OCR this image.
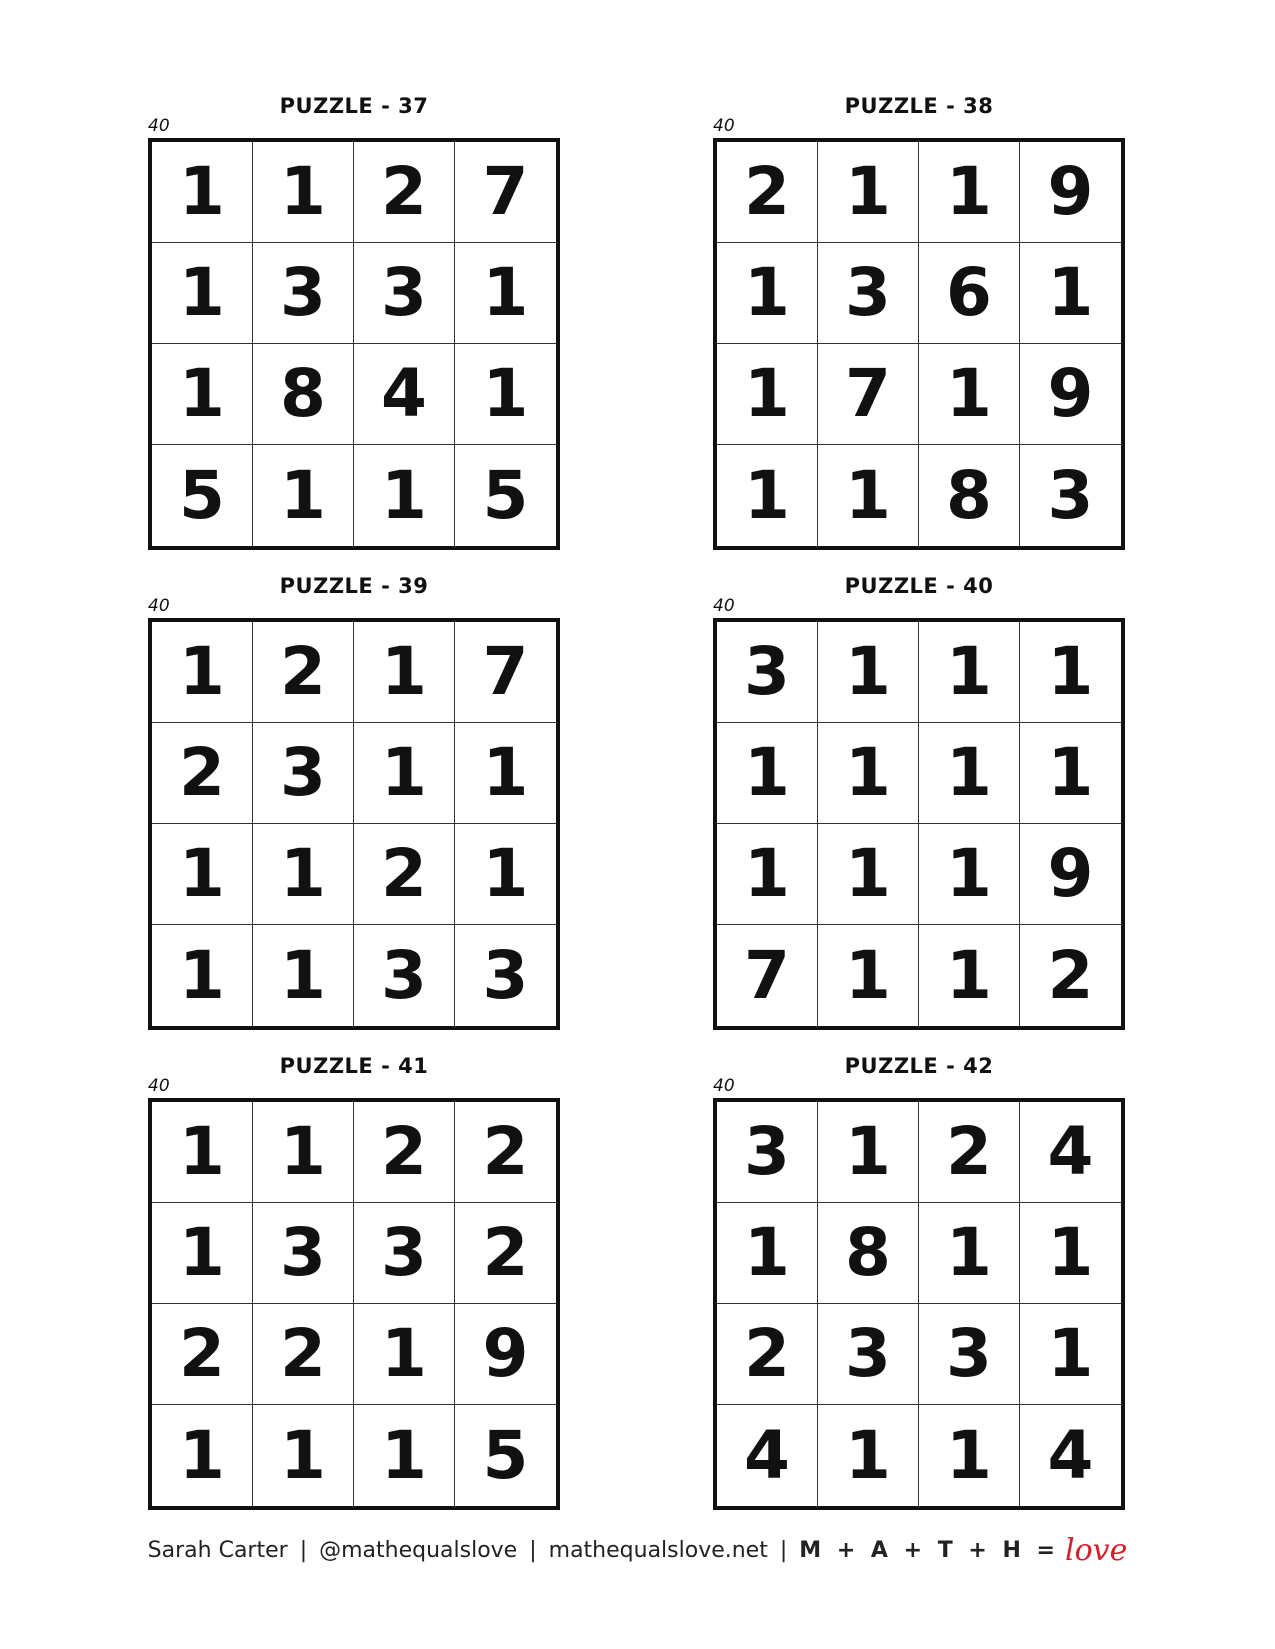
PUZZLE - 37
40
1 1 2 7
1 3 3 1
1 8 4 1
5 1 1 5
PUZZLE - 38
40
2 1 1 9
1 3 6 1
1 7 1 9
1 1 8 3
PUZZLE - 39
40
1 2 1 7
2 3 1 1
1 1 2 1
1 1 3 3
PUZZLE - 40
40
3 1 1 1
1 1 1 1
1 1 1 9
7 1 1 2
PUZZLE - 41
40
1 1 2 2
1 3 3 2
2 2 1 9
1 1 1 5
PUZZLE - 42
40
3 1 2 4
1 8 1 1
2 3 3 1
4 1 1 4
Sarah Carter | @mathequalslove | mathequalslove.net | M + A + T + H = love
